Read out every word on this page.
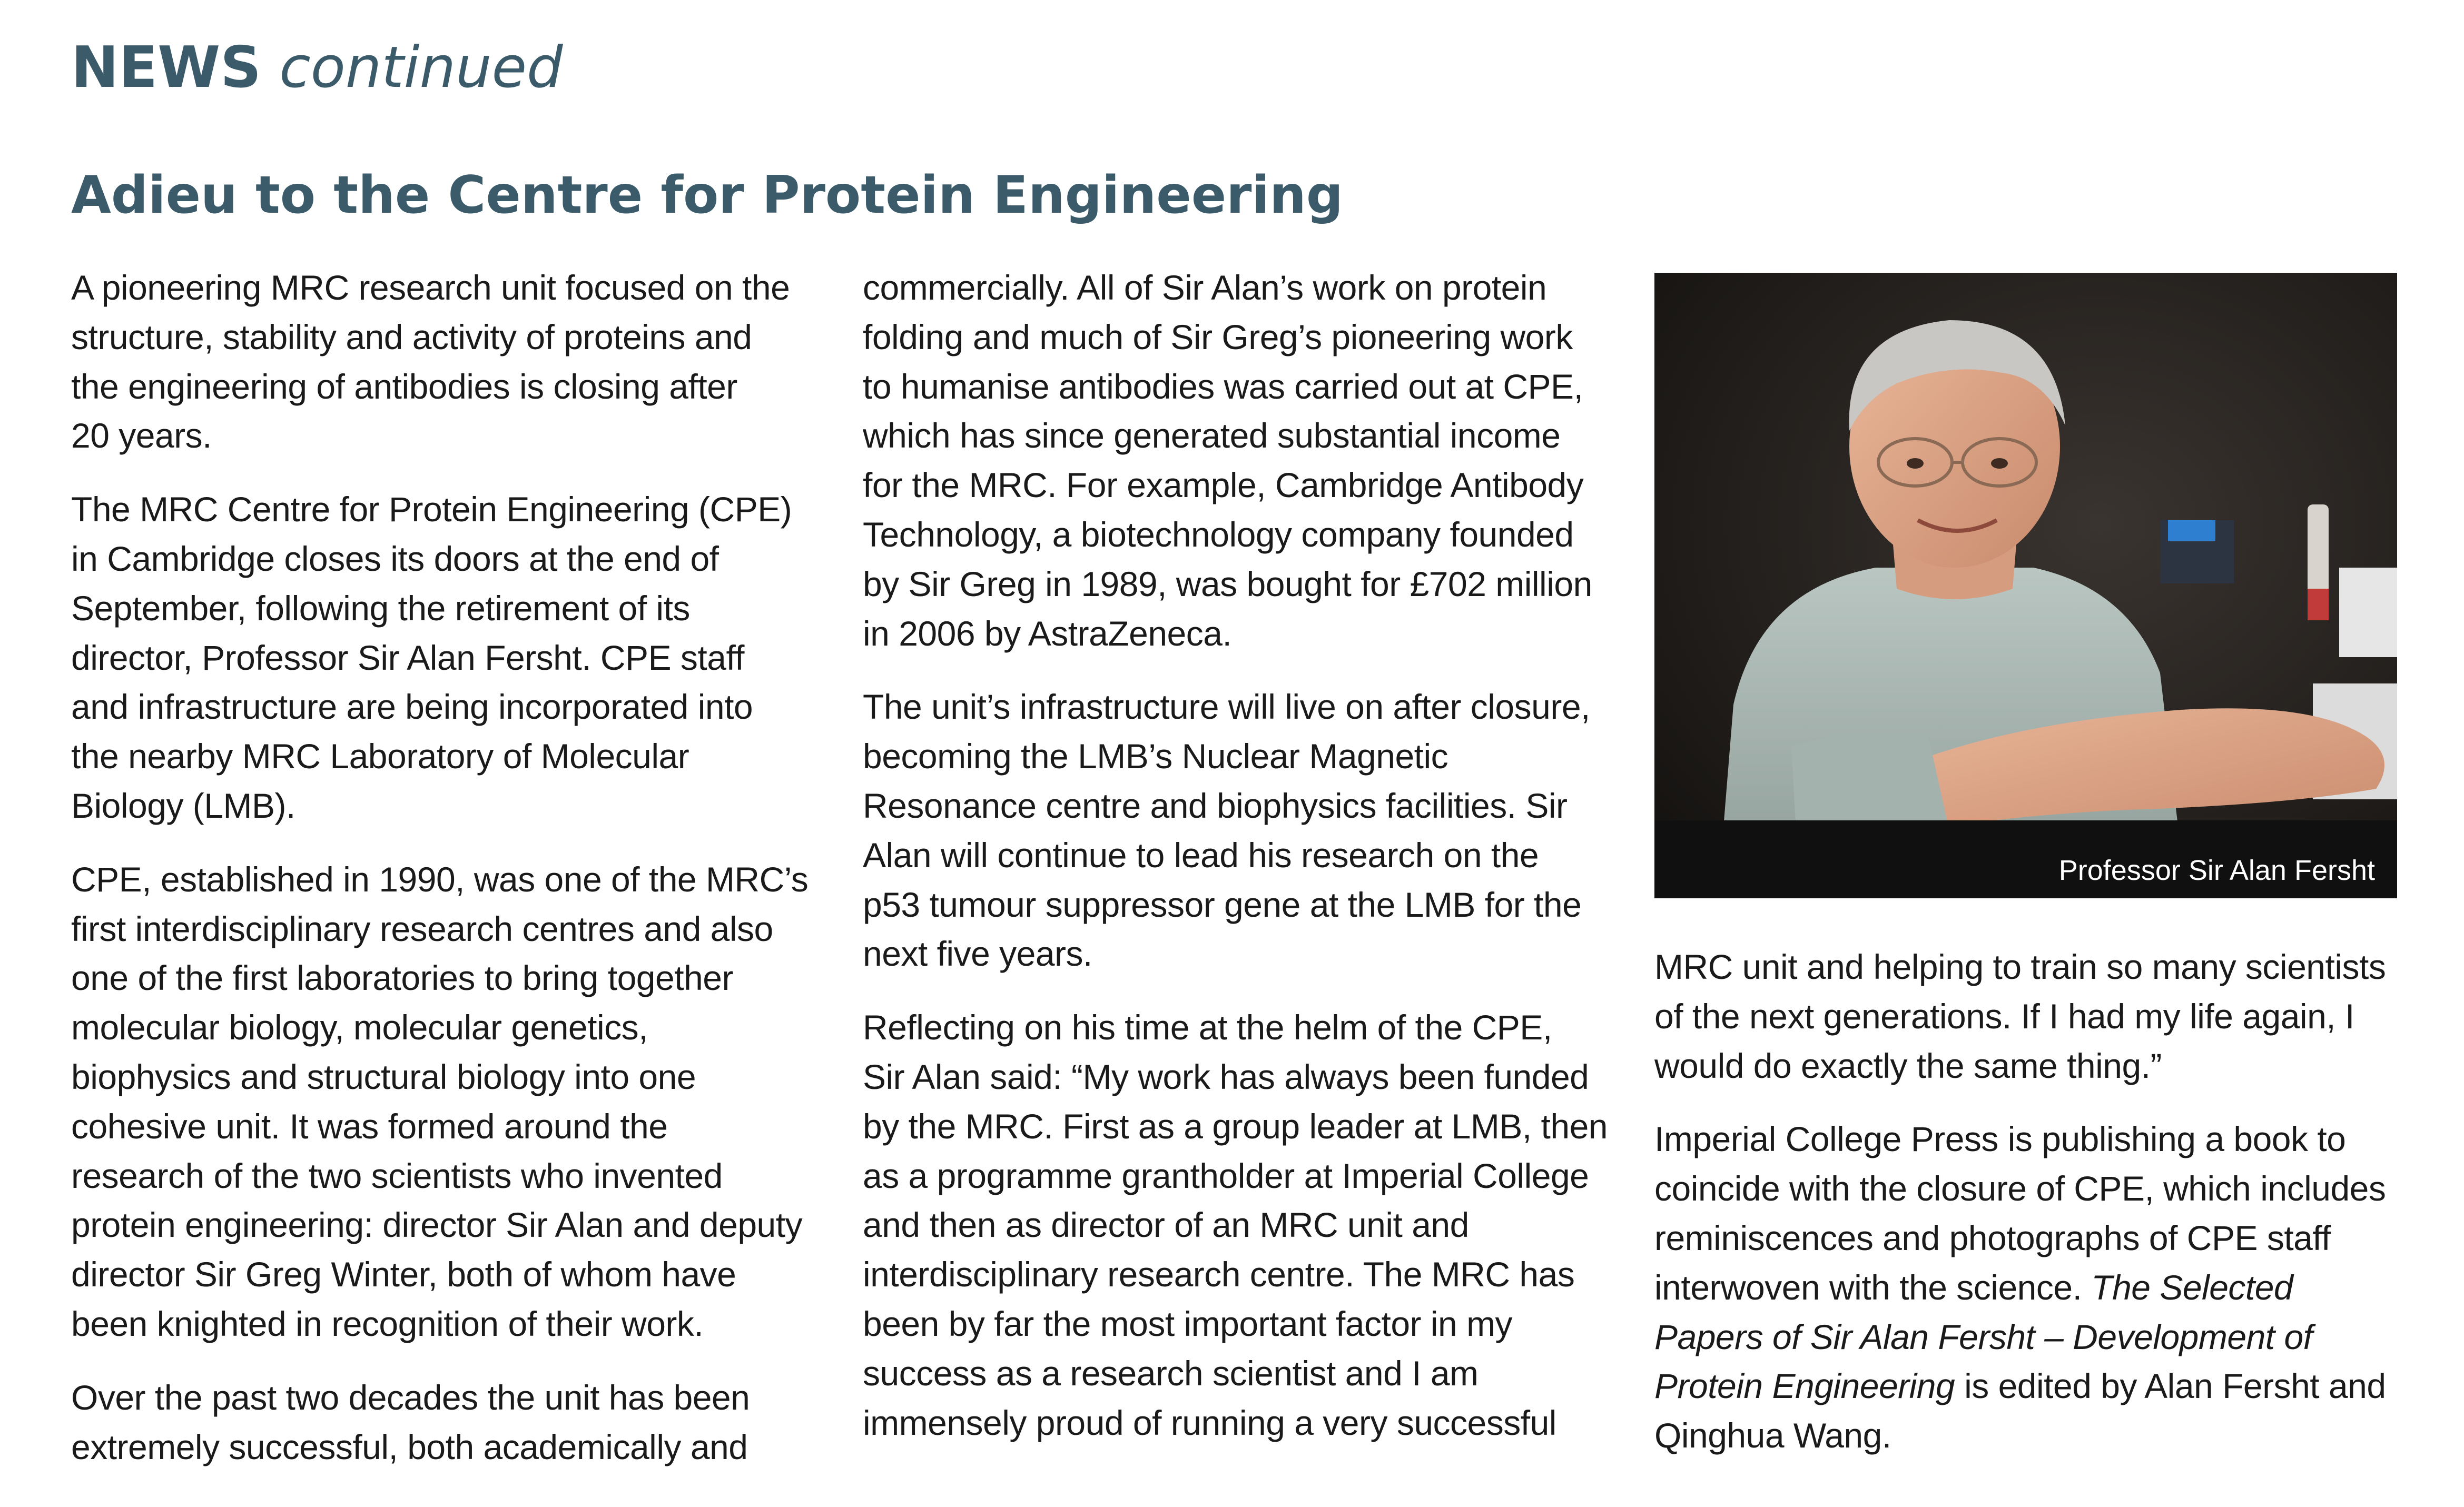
NEWS continued
Adieu to the Centre for Protein Engineering

A pioneering MRC research unit focused on the
structure, stability and activity of proteins and
the engineering of antibodies is closing after
20 years.

The MRC Centre for Protein Engineering (CPE)
in Cambridge closes its doors at the end of
September, following the retirement of its
director, Professor Sir Alan Fersht. CPE staff
and infrastructure are being incorporated into
the nearby MRC Laboratory of Molecular
Biology (LMB).

CPE, established in 1990, was one of the MRC’s
first interdisciplinary research centres and also
one of the first laboratories to bring together
molecular biology, molecular genetics,
biophysics and structural biology into one
cohesive unit. It was formed around the
research of the two scientists who invented
protein engineering: director Sir Alan and deputy
director Sir Greg Winter, both of whom have
been knighted in recognition of their work.

Over the past two decades the unit has been
extremely successful, both academically and

commercially. All of Sir Alan’s work on protein
folding and much of Sir Greg’s pioneering work
to humanise antibodies was carried out at CPE,
which has since generated substantial income
for the MRC. For example, Cambridge Antibody
Technology, a biotechnology company founded
by Sir Greg in 1989, was bought for £702 million
in 2006 by AstraZeneca.

The unit’s infrastructure will live on after closure,
becoming the LMB’s Nuclear Magnetic
Resonance centre and biophysics facilities. Sir
Alan will continue to lead his research on the
p53 tumour suppressor gene at the LMB for the
next five years.

Reflecting on his time at the helm of the CPE,
Sir Alan said: “My work has always been funded
by the MRC. First as a group leader at LMB, then
as a programme grantholder at Imperial College
and then as director of an MRC unit and
interdisciplinary research centre. The MRC has
been by far the most important factor in my
success as a research scientist and I am
immensely proud of running a very successful

Professor Sir Alan Fersht

MRC unit and helping to train so many scientists
of the next generations. If I had my life again, I
would do exactly the same thing.”

Imperial College Press is publishing a book to
coincide with the closure of CPE, which includes
reminiscences and photographs of CPE staff
interwoven with the science. The Selected
Papers of Sir Alan Fersht – Development of
Protein Engineering is edited by Alan Fersht and
Qinghua Wang.
